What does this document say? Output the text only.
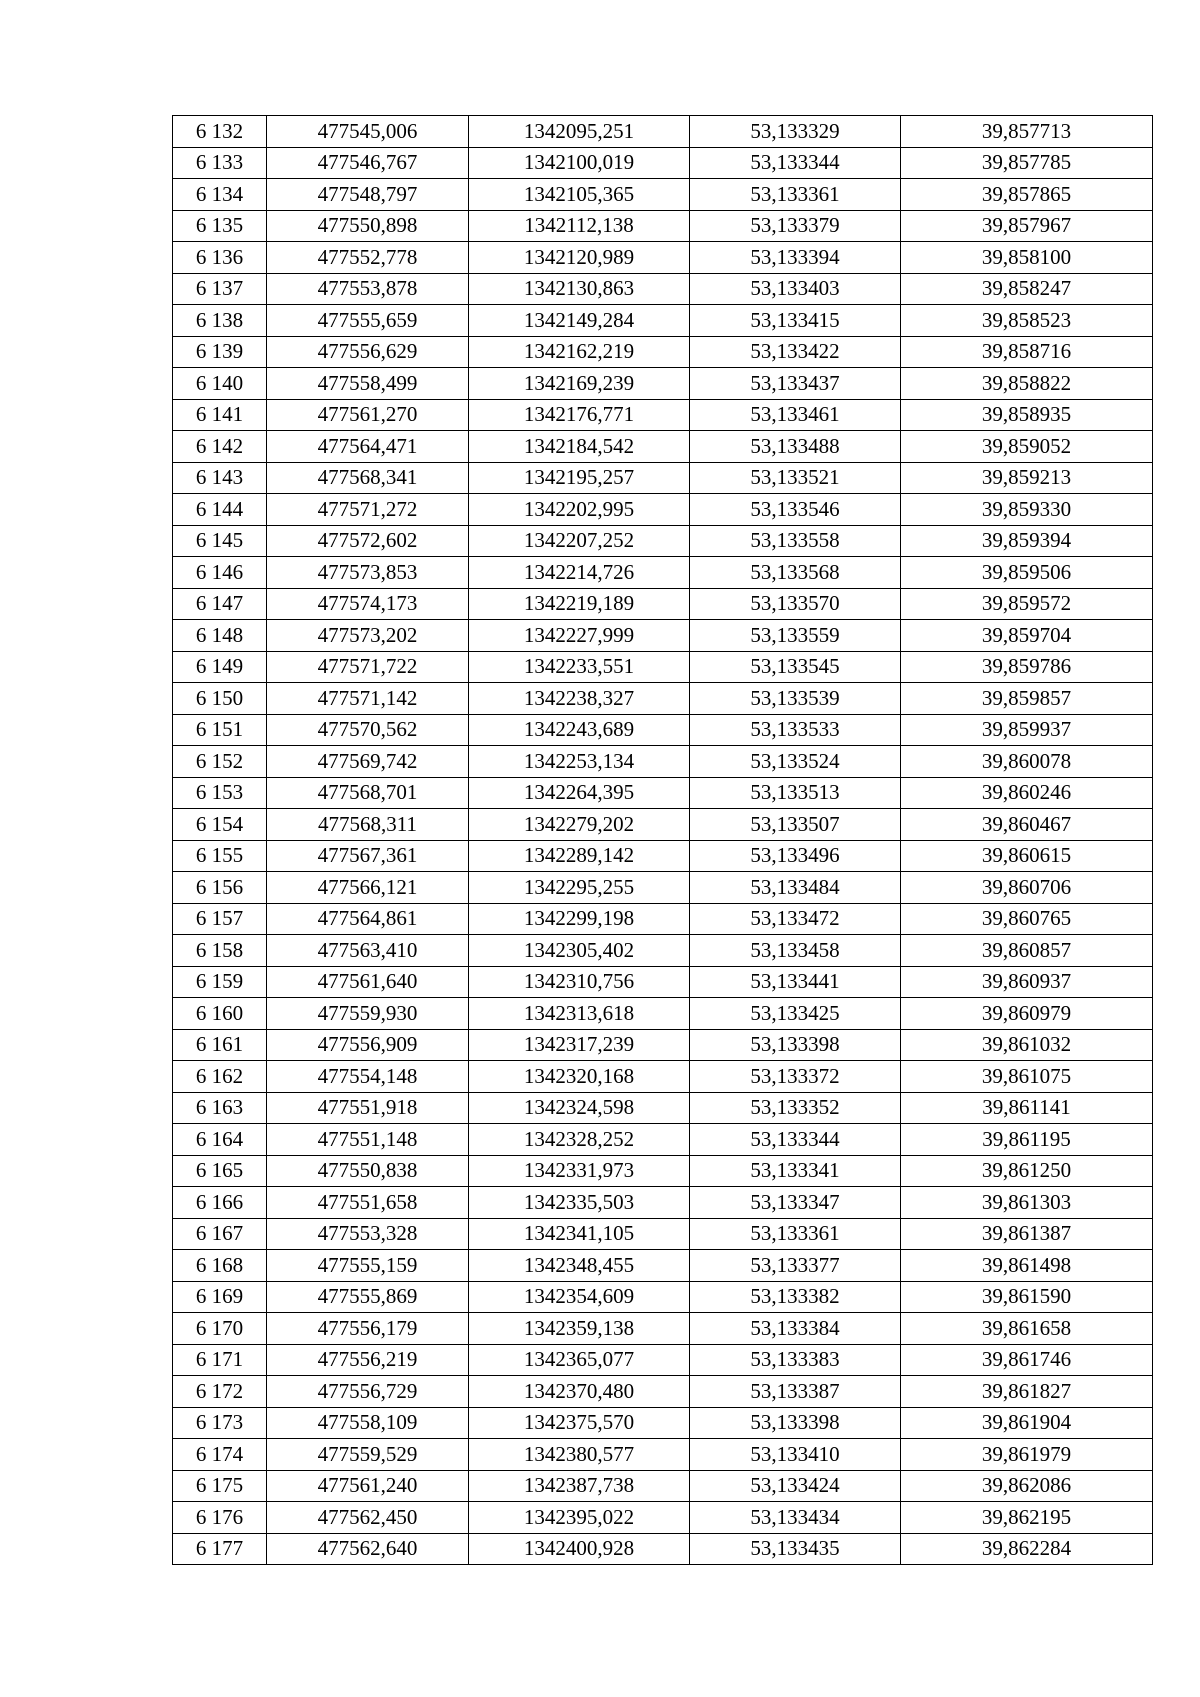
6 132	477545,006	1342095,251	53,133329	39,857713
6 133	477546,767	1342100,019	53,133344	39,857785
6 134	477548,797	1342105,365	53,133361	39,857865
6 135	477550,898	1342112,138	53,133379	39,857967
6 136	477552,778	1342120,989	53,133394	39,858100
6 137	477553,878	1342130,863	53,133403	39,858247
6 138	477555,659	1342149,284	53,133415	39,858523
6 139	477556,629	1342162,219	53,133422	39,858716
6 140	477558,499	1342169,239	53,133437	39,858822
6 141	477561,270	1342176,771	53,133461	39,858935
6 142	477564,471	1342184,542	53,133488	39,859052
6 143	477568,341	1342195,257	53,133521	39,859213
6 144	477571,272	1342202,995	53,133546	39,859330
6 145	477572,602	1342207,252	53,133558	39,859394
6 146	477573,853	1342214,726	53,133568	39,859506
6 147	477574,173	1342219,189	53,133570	39,859572
6 148	477573,202	1342227,999	53,133559	39,859704
6 149	477571,722	1342233,551	53,133545	39,859786
6 150	477571,142	1342238,327	53,133539	39,859857
6 151	477570,562	1342243,689	53,133533	39,859937
6 152	477569,742	1342253,134	53,133524	39,860078
6 153	477568,701	1342264,395	53,133513	39,860246
6 154	477568,311	1342279,202	53,133507	39,860467
6 155	477567,361	1342289,142	53,133496	39,860615
6 156	477566,121	1342295,255	53,133484	39,860706
6 157	477564,861	1342299,198	53,133472	39,860765
6 158	477563,410	1342305,402	53,133458	39,860857
6 159	477561,640	1342310,756	53,133441	39,860937
6 160	477559,930	1342313,618	53,133425	39,860979
6 161	477556,909	1342317,239	53,133398	39,861032
6 162	477554,148	1342320,168	53,133372	39,861075
6 163	477551,918	1342324,598	53,133352	39,861141
6 164	477551,148	1342328,252	53,133344	39,861195
6 165	477550,838	1342331,973	53,133341	39,861250
6 166	477551,658	1342335,503	53,133347	39,861303
6 167	477553,328	1342341,105	53,133361	39,861387
6 168	477555,159	1342348,455	53,133377	39,861498
6 169	477555,869	1342354,609	53,133382	39,861590
6 170	477556,179	1342359,138	53,133384	39,861658
6 171	477556,219	1342365,077	53,133383	39,861746
6 172	477556,729	1342370,480	53,133387	39,861827
6 173	477558,109	1342375,570	53,133398	39,861904
6 174	477559,529	1342380,577	53,133410	39,861979
6 175	477561,240	1342387,738	53,133424	39,862086
6 176	477562,450	1342395,022	53,133434	39,862195
6 177	477562,640	1342400,928	53,133435	39,862284
